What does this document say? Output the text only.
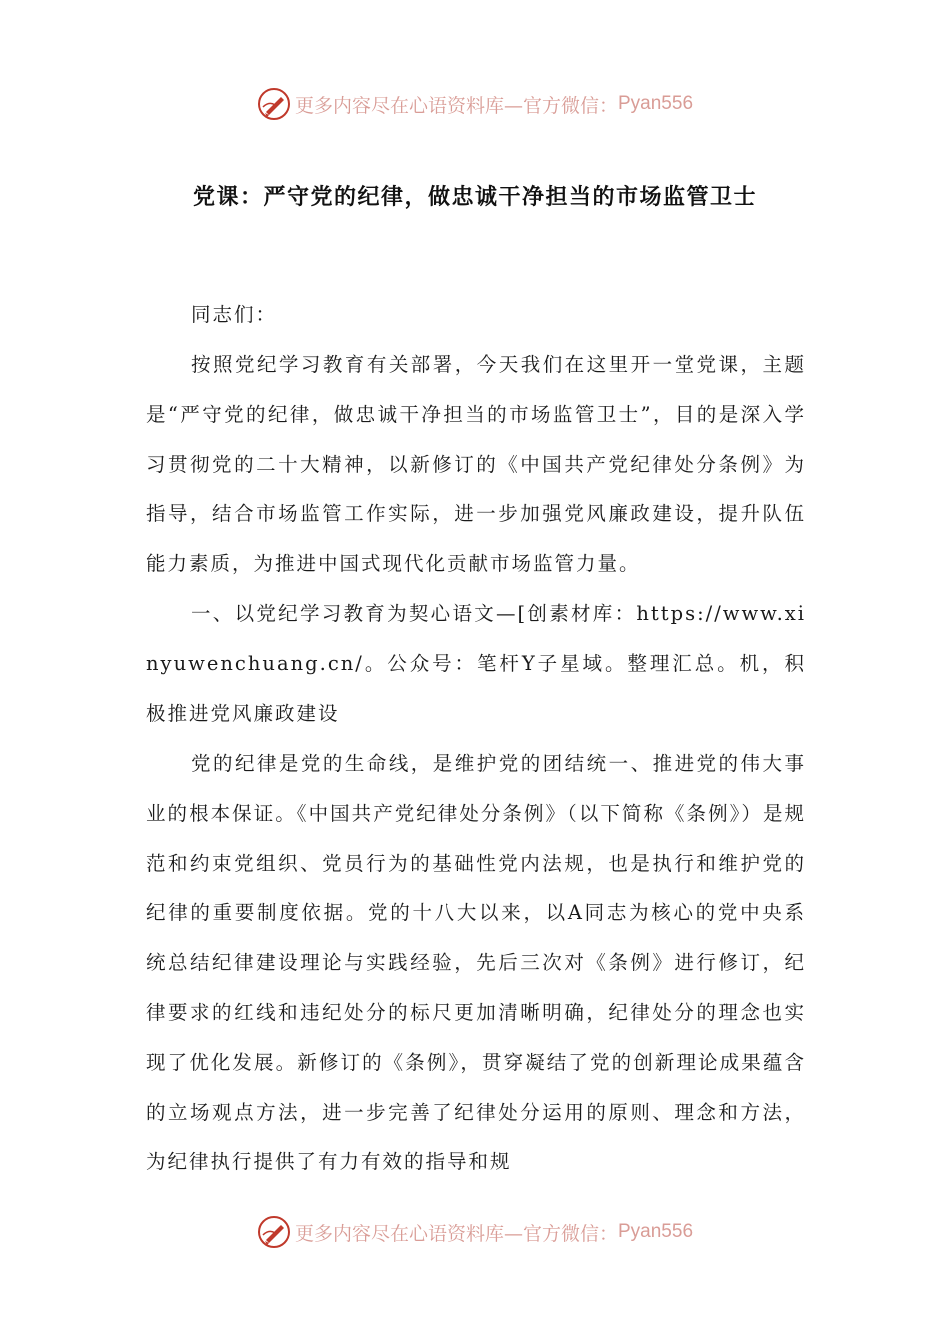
更多内容尽在心语资料库—官方微信： Pyan556
党课：严守党的纪律，做忠诚干净担当的市场监管卫士
同志们：
按照党纪学习教育有关部署，今天我们在这里开一堂党课，主题是“严守党的纪律，做忠诚干净担当的市场监管卫士”，目的是深入学习贯彻党的二十大精神，以新修订的《中国共产党纪律处分条例》为指导，结合市场监管工作实际，进一步加强党风廉政建设，提升队伍能力素质，为推进中国式现代化贡献市场监管力量。
一、以党纪学习教育为契心语文—[创素材库：https://www.xinyuwenchuang.cn/。公众号：笔杆Y子星域。整理汇总。机，积极推进党风廉政建设
党的纪律是党的生命线，是维护党的团结统一、推进党的伟大事业的根本保证。《中国共产党纪律处分条例》（以下简称《条例》）是规范和约束党组织、党员行为的基础性党内法规，也是执行和维护党的纪律的重要制度依据。党的十八大以来，以A同志为核心的党中央系统总结纪律建设理论与实践经验，先后三次对《条例》进行修订，纪律要求的红线和违纪处分的标尺更加清晰明确，纪律处分的理念也实现了优化发展。新修订的《条例》，贯穿凝结了党的创新理论成果蕴含的立场观点方法，进一步完善了纪律处分运用的原则、理念和方法，为纪律执行提供了有力有效的指导和规
更多内容尽在心语资料库—官方微信： Pyan556
